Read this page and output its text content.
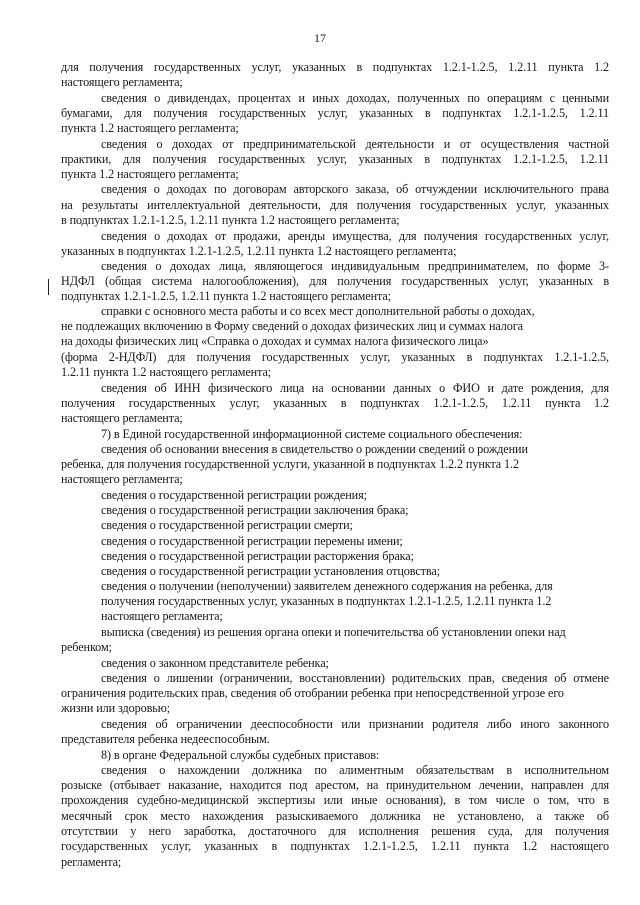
17
для получения государственных услуг, указанных в подпунктах 1.2.1-1.2.5, 1.2.11 пункта 1.2
настоящего регламента;
сведения о дивидендах, процентах и иных доходах, полученных по операциям с ценными
бумагами, для получения государственных услуг, указанных в подпунктах 1.2.1-1.2.5, 1.2.11
пункта 1.2 настоящего регламента;
сведения о доходах от предпринимательской деятельности и от осуществления частной
практики, для получения государственных услуг, указанных в подпунктах 1.2.1-1.2.5, 1.2.11
пункта 1.2 настоящего регламента;
сведения о доходах по договорам авторского заказа, об отчуждении исключительного права
на результаты интеллектуальной деятельности, для получения государственных услуг, указанных
в подпунктах 1.2.1-1.2.5, 1.2.11 пункта 1.2 настоящего регламента;
сведения о доходах от продажи, аренды имущества, для получения государственных услуг,
указанных в подпунктах 1.2.1-1.2.5, 1.2.11 пункта 1.2 настоящего регламента;
сведения о доходах лица, являющегося индивидуальным предпринимателем, по форме 3-
НДФЛ (общая система налогообложения), для получения государственных услуг, указанных в
подпунктах 1.2.1-1.2.5, 1.2.11 пункта 1.2 настоящего регламента;
справки с основного места работы и со всех мест дополнительной работы о доходах,
не подлежащих включению в Форму сведений о доходах физических лиц и суммах налога
на доходы физических лиц «Справка о доходах и суммах налога физического лица»
(форма 2-НДФЛ) для получения государственных услуг, указанных в подпунктах 1.2.1-1.2.5,
1.2.11 пункта 1.2 настоящего регламента;
сведения об ИНН физического лица на основании данных о ФИО и дате рождения, для
получения государственных услуг, указанных в подпунктах 1.2.1-1.2.5, 1.2.11 пункта 1.2
настоящего регламента;
7) в Единой государственной информационной системе социального обеспечения:
сведения об основании внесения в свидетельство о рождении сведений о рождении
ребенка, для получения государственной услуги, указанной в подпунктах 1.2.2 пункта 1.2
настоящего регламента;
сведения о государственной регистрации рождения;
сведения о государственной регистрации заключения брака;
сведения о государственной регистрации смерти;
сведения о государственной регистрации перемены имени;
сведения о государственной регистрации расторжения брака;
сведения о государственной регистрации установления отцовства;
сведения о получении (неполучении) заявителем денежного содержания на ребенка, для
получения государственных услуг, указанных в подпунктах 1.2.1-1.2.5, 1.2.11 пункта 1.2
настоящего регламента;
выписка (сведения) из решения органа опеки и попечительства об установлении опеки над
ребенком;
сведения о законном представителе ребенка;
сведения о лишении (ограничении, восстановлении) родительских прав, сведения об отмене
ограничения родительских прав, сведения об отобрании ребенка при непосредственной угрозе его
жизни или здоровью;
сведения об ограничении дееспособности или признании родителя либо иного законного
представителя ребенка недееспособным.
8) в органе Федеральной службы судебных приставов:
сведения о нахождении должника по алиментным обязательствам в исполнительном
розыске (отбывает наказание, находится под арестом, на принудительном лечении, направлен для
прохождения судебно-медицинской экспертизы или иные основания), в том числе о том, что в
месячный срок место нахождения разыскиваемого должника не установлено, а также об
отсутствии у него заработка, достаточного для исполнения решения суда, для получения
государственных услуг, указанных в подпунктах 1.2.1-1.2.5, 1.2.11 пункта 1.2 настоящего
регламента;
